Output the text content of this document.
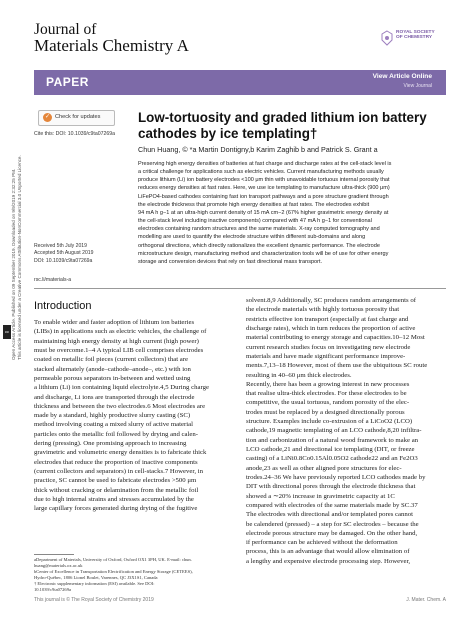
Open Access Article. Published on 09 September 2019. Downloaded on 9/9/2019 2:32:25 PM. This article is licensed under a Creative Commons Attribution-NonCommercial 3.0 Unported Licence.
cc
Journal of
Materials Chemistry A
ROYAL SOCIETY
OF CHEMISTRY
PAPER	View Article Online
View Journal
✓ Check for updates
Cite this: DOI: 10.1039/c9ta07269a
Low-tortuosity and graded lithium ion battery
cathodes by ice templating†
Chun Huang, © *a Martin Dontigny,b Karim Zaghib b and Patrick S. Grant a
Preserving high energy densities of batteries at fast charge and discharge rates at the cell-stack level is
a critical challenge for applications such as electric vehicles. Current manufacturing methods usually
produce lithium (Li) ion battery electrodes <100 μm thin with unavoidable tortuous internal porosity that
reduces energy densities at fast rates. Here, we use ice templating to manufacture ultra-thick (900 μm)
LiFePO4-based cathodes containing fast ion transport pathways and a pore structure gradient through
the electrode thickness that promote high energy densities at fast rates. The electrodes exhibit
94 mA h g−1 at an ultra-high current density of 15 mA cm−2 (67% higher gravimetric energy density at
the cell-stack level including inactive components) compared with 47 mA h g−1 for conventional
electrodes containing random structures and the same materials. X-ray computed tomography and
modelling are used to quantify the electrode structure within different sub-domains and along
orthogonal directions, which directly rationalizes the excellent dynamic performance. The electrode
microstructure design, manufacturing method and characterization tools will be of use for other energy
storage and conversion devices that rely on fast directional mass transport.
Received 5th July 2019
Accepted 5th August 2019
DOI: 10.1039/c9ta07269a
rsc.li/materials-a
Introduction
To enable wider and faster adoption of lithium ion batteries
(LIBs) in applications such as electric vehicles, the challenge of
maintaining high energy density at high current (high power)
must be overcome.1–4 A typical LIB cell comprises electrodes
coated on metallic foil pieces (current collectors) that are
stacked alternately (anode–cathode–anode–, etc.) with ion
permeable porous separators in-between and wetted using
a lithium (Li) ion containing liquid electrolyte.4,5 During charge
and discharge, Li ions are transported through the electrode
thickness and between the two electrodes.6 Most electrodes are
made by a standard, highly productive slurry casting (SC)
method involving coating a mixed slurry of active material
particles onto the metallic foil followed by drying and calen-
dering (pressing). One promising approach to increasing
gravimetric and volumetric energy densities is to fabricate thick
electrodes that reduce the proportion of inactive components
(current collectors and separators) in cell-stacks.7 However, in
practice, SC cannot be used to fabricate electrodes >500 μm
thick without cracking or delamination from the metallic foil
due to high internal strains and stresses accumulated by the
large capillary forces generated during drying of the fugitive
solvent.8,9 Additionally, SC produces random arrangements of
the electrode materials with highly tortuous porosity that
restricts effective ion transport (especially at fast charge and
discharge rates), which in turn reduces the proportion of active
material contributing to energy storage and capacities.10–12 Most
current research studies focus on investigating new electrode
materials and have made significant performance improve-
ments.7,13–18 However, most of them use the ubiquitous SC route
resulting in 40–60 μm thick electrodes.
Recently, there has been a growing interest in new processes
that realise ultra-thick electrodes. For these electrodes to be
competitive, the usual tortuous, random porosity of the elec-
trodes must be replaced by a designed directionally porous
structure. Examples include co-extrusion of a LiCoO2 (LCO)
cathode,19 magnetic templating of an LCO cathode,8,20 infiltra-
tion and carbonization of a natural wood framework to make an
LCO cathode,21 and directional ice templating (DIT, or freeze
casting) of a LiNi0.8Co0.15Al0.05O2 cathode22 and an Fe2O3
anode,23 as well as other aligned pore structures for elec-
trodes.24–36 We have previously reported LCO cathodes made by
DIT with directional pores through the electrode thickness that
showed a ∼20% increase in gravimetric capacity at 1C
compared with electrodes of the same materials made by SC.37
The electrodes with directional and/or templated pores cannot
be calendered (pressed) – a step for SC electrodes – because the
electrode porous structure may be damaged. On the other hand,
if performance can be achieved without the deformation
process, this is an advantage that would allow elimination of
a lengthy and expensive electrode processing step. However,
aDepartment of Materials, University of Oxford, Oxford OX1 3PH, UK. E-mail: chun.
huang@materials.ox.ac.uk
bCenter of Excellence in Transportation Electrification and Energy Storage (CETEES),
Hydro-Québec, 1806 Lionel Boulet, Varennes, QC J3X1S1, Canada
† Electronic supplementary information (ESI) available. See DOI:
10.1039/c9ta07269a
This journal is © The Royal Society of Chemistry 2019	J. Mater. Chem. A
